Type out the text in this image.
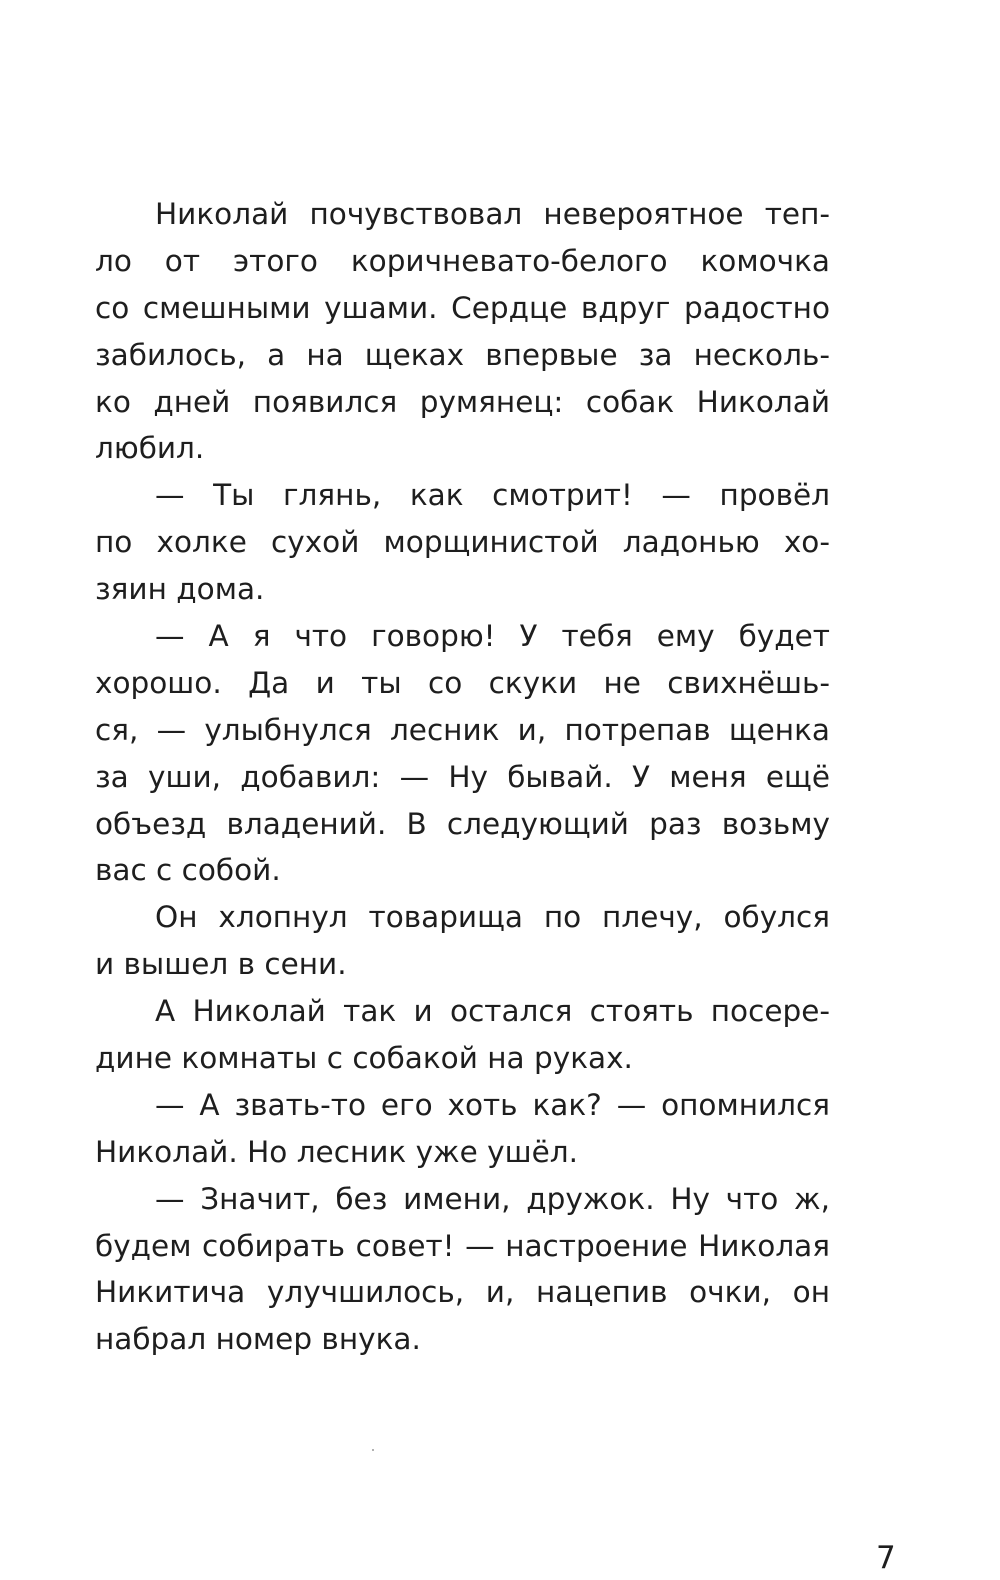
Николай почувствовал невероятное теп-
ло от этого коричневато-белого комочка
со смешными ушами. Сердце вдруг радостно
забилось, а на щеках впервые за несколь-
ко дней появился румянец: собак Николай
любил.
— Ты глянь, как смотрит! — провёл
по холке сухой морщинистой ладонью хо-
зяин дома.
— А я что говорю! У тебя ему будет
хорошо. Да и ты со скуки не свихнёшь-
ся, — улыбнулся лесник и, потрепав щенка
за уши, добавил: — Ну бывай. У меня ещё
объезд владений. В следующий раз возьму
вас с собой.
Он хлопнул товарища по плечу, обулся
и вышел в сени.
А Николай так и остался стоять посере-
дине комнаты с собакой на руках.
— А звать-то его хоть как? — опомнился
Николай. Но лесник уже ушёл.
— Значит, без имени, дружок. Ну что ж,
будем собирать совет! — настроение Николая
Никитича улучшилось, и, нацепив очки, он
набрал номер внука.
7
